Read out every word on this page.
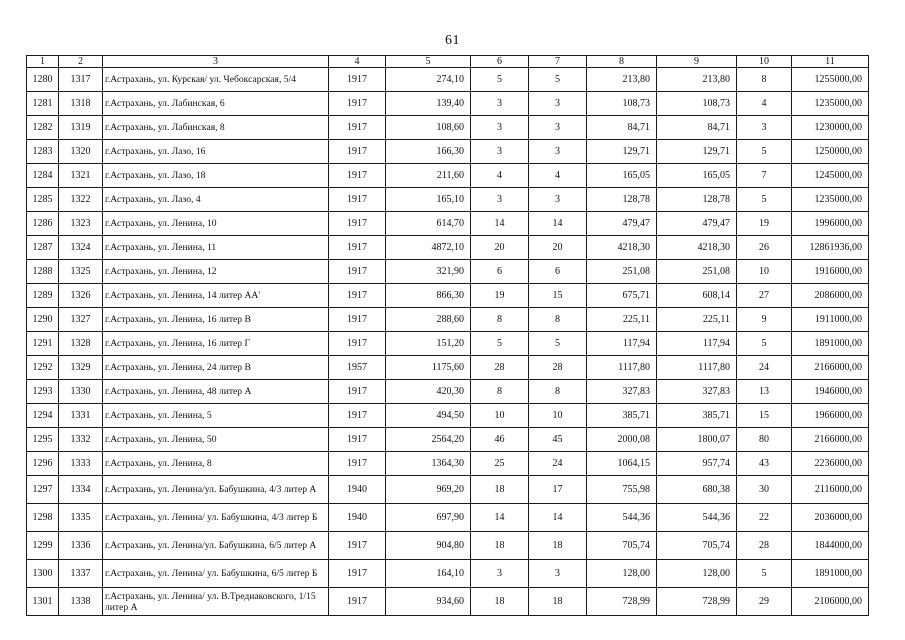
61
1	2	3	4	5	6	7	8	9	10	11
1280	1317	г.Астрахань, ул. Курская/ ул. Чебоксарская, 5/4	1917	274,10	5	5	213,80	213,80	8	1255000,00
1281	1318	г.Астрахань, ул. Лабинская, 6	1917	139,40	3	3	108,73	108,73	4	1235000,00
1282	1319	г.Астрахань, ул. Лабинская, 8	1917	108,60	3	3	84,71	84,71	3	1230000,00
1283	1320	г.Астрахань, ул. Лазо, 16	1917	166,30	3	3	129,71	129,71	5	1250000,00
1284	1321	г.Астрахань, ул. Лазо, 18	1917	211,60	4	4	165,05	165,05	7	1245000,00
1285	1322	г.Астрахань, ул. Лазо, 4	1917	165,10	3	3	128,78	128,78	5	1235000,00
1286	1323	г.Астрахань, ул. Ленина, 10	1917	614,70	14	14	479,47	479,47	19	1996000,00
1287	1324	г.Астрахань, ул. Ленина, 11	1917	4872,10	20	20	4218,30	4218,30	26	12861936,00
1288	1325	г.Астрахань, ул. Ленина, 12	1917	321,90	6	6	251,08	251,08	10	1916000,00
1289	1326	г.Астрахань, ул. Ленина, 14 литер АА'	1917	866,30	19	15	675,71	608,14	27	2086000,00
1290	1327	г.Астрахань, ул. Ленина, 16 литер В	1917	288,60	8	8	225,11	225,11	9	1911000,00
1291	1328	г.Астрахань, ул. Ленина, 16 литер Г	1917	151,20	5	5	117,94	117,94	5	1891000,00
1292	1329	г.Астрахань, ул. Ленина, 24 литер В	1957	1175,60	28	28	1117,80	1117,80	24	2166000,00
1293	1330	г.Астрахань, ул. Ленина, 48 литер А	1917	420,30	8	8	327,83	327,83	13	1946000,00
1294	1331	г.Астрахань, ул. Ленина, 5	1917	494,50	10	10	385,71	385,71	15	1966000,00
1295	1332	г.Астрахань, ул. Ленина, 50	1917	2564,20	46	45	2000,08	1800,07	80	2166000,00
1296	1333	г.Астрахань, ул. Ленина, 8	1917	1364,30	25	24	1064,15	957,74	43	2236000,00
1297	1334	г.Астрахань, ул. Ленина/ул. Бабушкина, 4/3 литер А	1940	969,20	18	17	755,98	680,38	30	2116000,00
1298	1335	г.Астрахань, ул. Ленина/ ул. Бабушкина, 4/3 литер Б	1940	697,90	14	14	544,36	544,36	22	2036000,00
1299	1336	г.Астрахань, ул. Ленина/ул. Бабушкина, 6/5 литер А	1917	904,80	18	18	705,74	705,74	28	1844000,00
1300	1337	г.Астрахань, ул. Ленина/ ул. Бабушкина, 6/5 литер Б	1917	164,10	3	3	128,00	128,00	5	1891000,00
1301	1338	г.Астрахань, ул. Ленина/ ул. В.Тредиаковского, 1/15 литер А	1917	934,60	18	18	728,99	728,99	29	2106000,00
